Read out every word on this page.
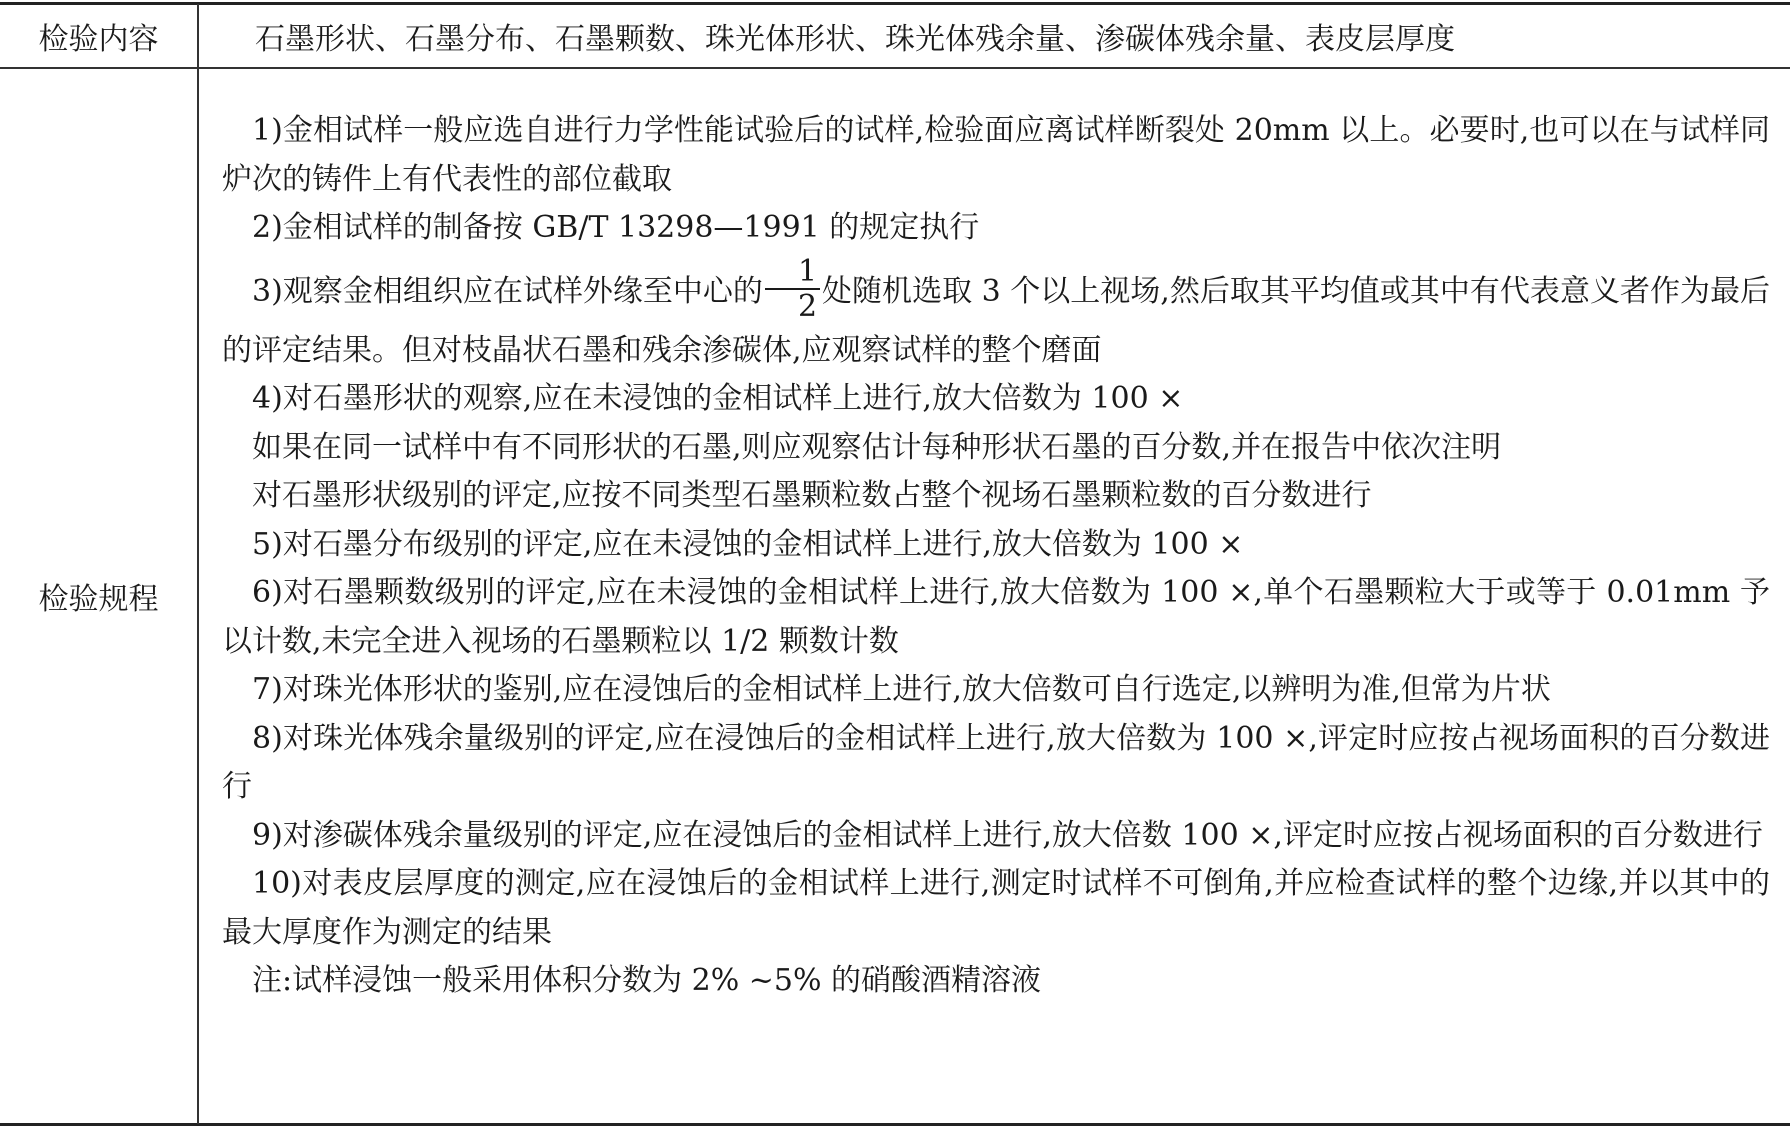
检验内容	石墨形状、石墨分布、石墨颗数、珠光体形状、珠光体残余量、渗碳体残余量、表皮层厚度
检验规程

1)金相试样一般应选自进行力学性能试验后的试样,检验面应离试样断裂处 20mm 以上。必要时,也可以在与试样同炉次的铸件上有代表性的部位截取

2)金相试样的制备按 GB/T 13298—1991 的规定执行

3)观察金相组织应在试样外缘至中心的 $\frac{1}{2}$ 处随机选取 3 个以上视场,然后取其平均值或其中有代表意义者作为最后的评定结果。但对枝晶状石墨和残余渗碳体,应观察试样的整个磨面

4)对石墨形状的观察,应在未浸蚀的金相试样上进行,放大倍数为 100 ×

如果在同一试样中有不同形状的石墨,则应观察估计每种形状石墨的百分数,并在报告中依次注明

对石墨形状级别的评定,应按不同类型石墨颗粒数占整个视场石墨颗粒数的百分数进行

5)对石墨分布级别的评定,应在未浸蚀的金相试样上进行,放大倍数为 100 ×

6)对石墨颗数级别的评定,应在未浸蚀的金相试样上进行,放大倍数为 100 ×,单个石墨颗粒大于或等于 0.01mm 予以计数,未完全进入视场的石墨颗粒以 1/2 颗数计数

7)对珠光体形状的鉴别,应在浸蚀后的金相试样上进行,放大倍数可自行选定,以辨明为准,但常为片状

8)对珠光体残余量级别的评定,应在浸蚀后的金相试样上进行,放大倍数为 100 ×,评定时应按占视场面积的百分数进行

9)对渗碳体残余量级别的评定,应在浸蚀后的金相试样上进行,放大倍数 100 ×,评定时应按占视场面积的百分数进行

10)对表皮层厚度的测定,应在浸蚀后的金相试样上进行,测定时试样不可倒角,并应检查试样的整个边缘,并以其中的最大厚度作为测定的结果

注:试样浸蚀一般采用体积分数为 2% ~5% 的硝酸酒精溶液
